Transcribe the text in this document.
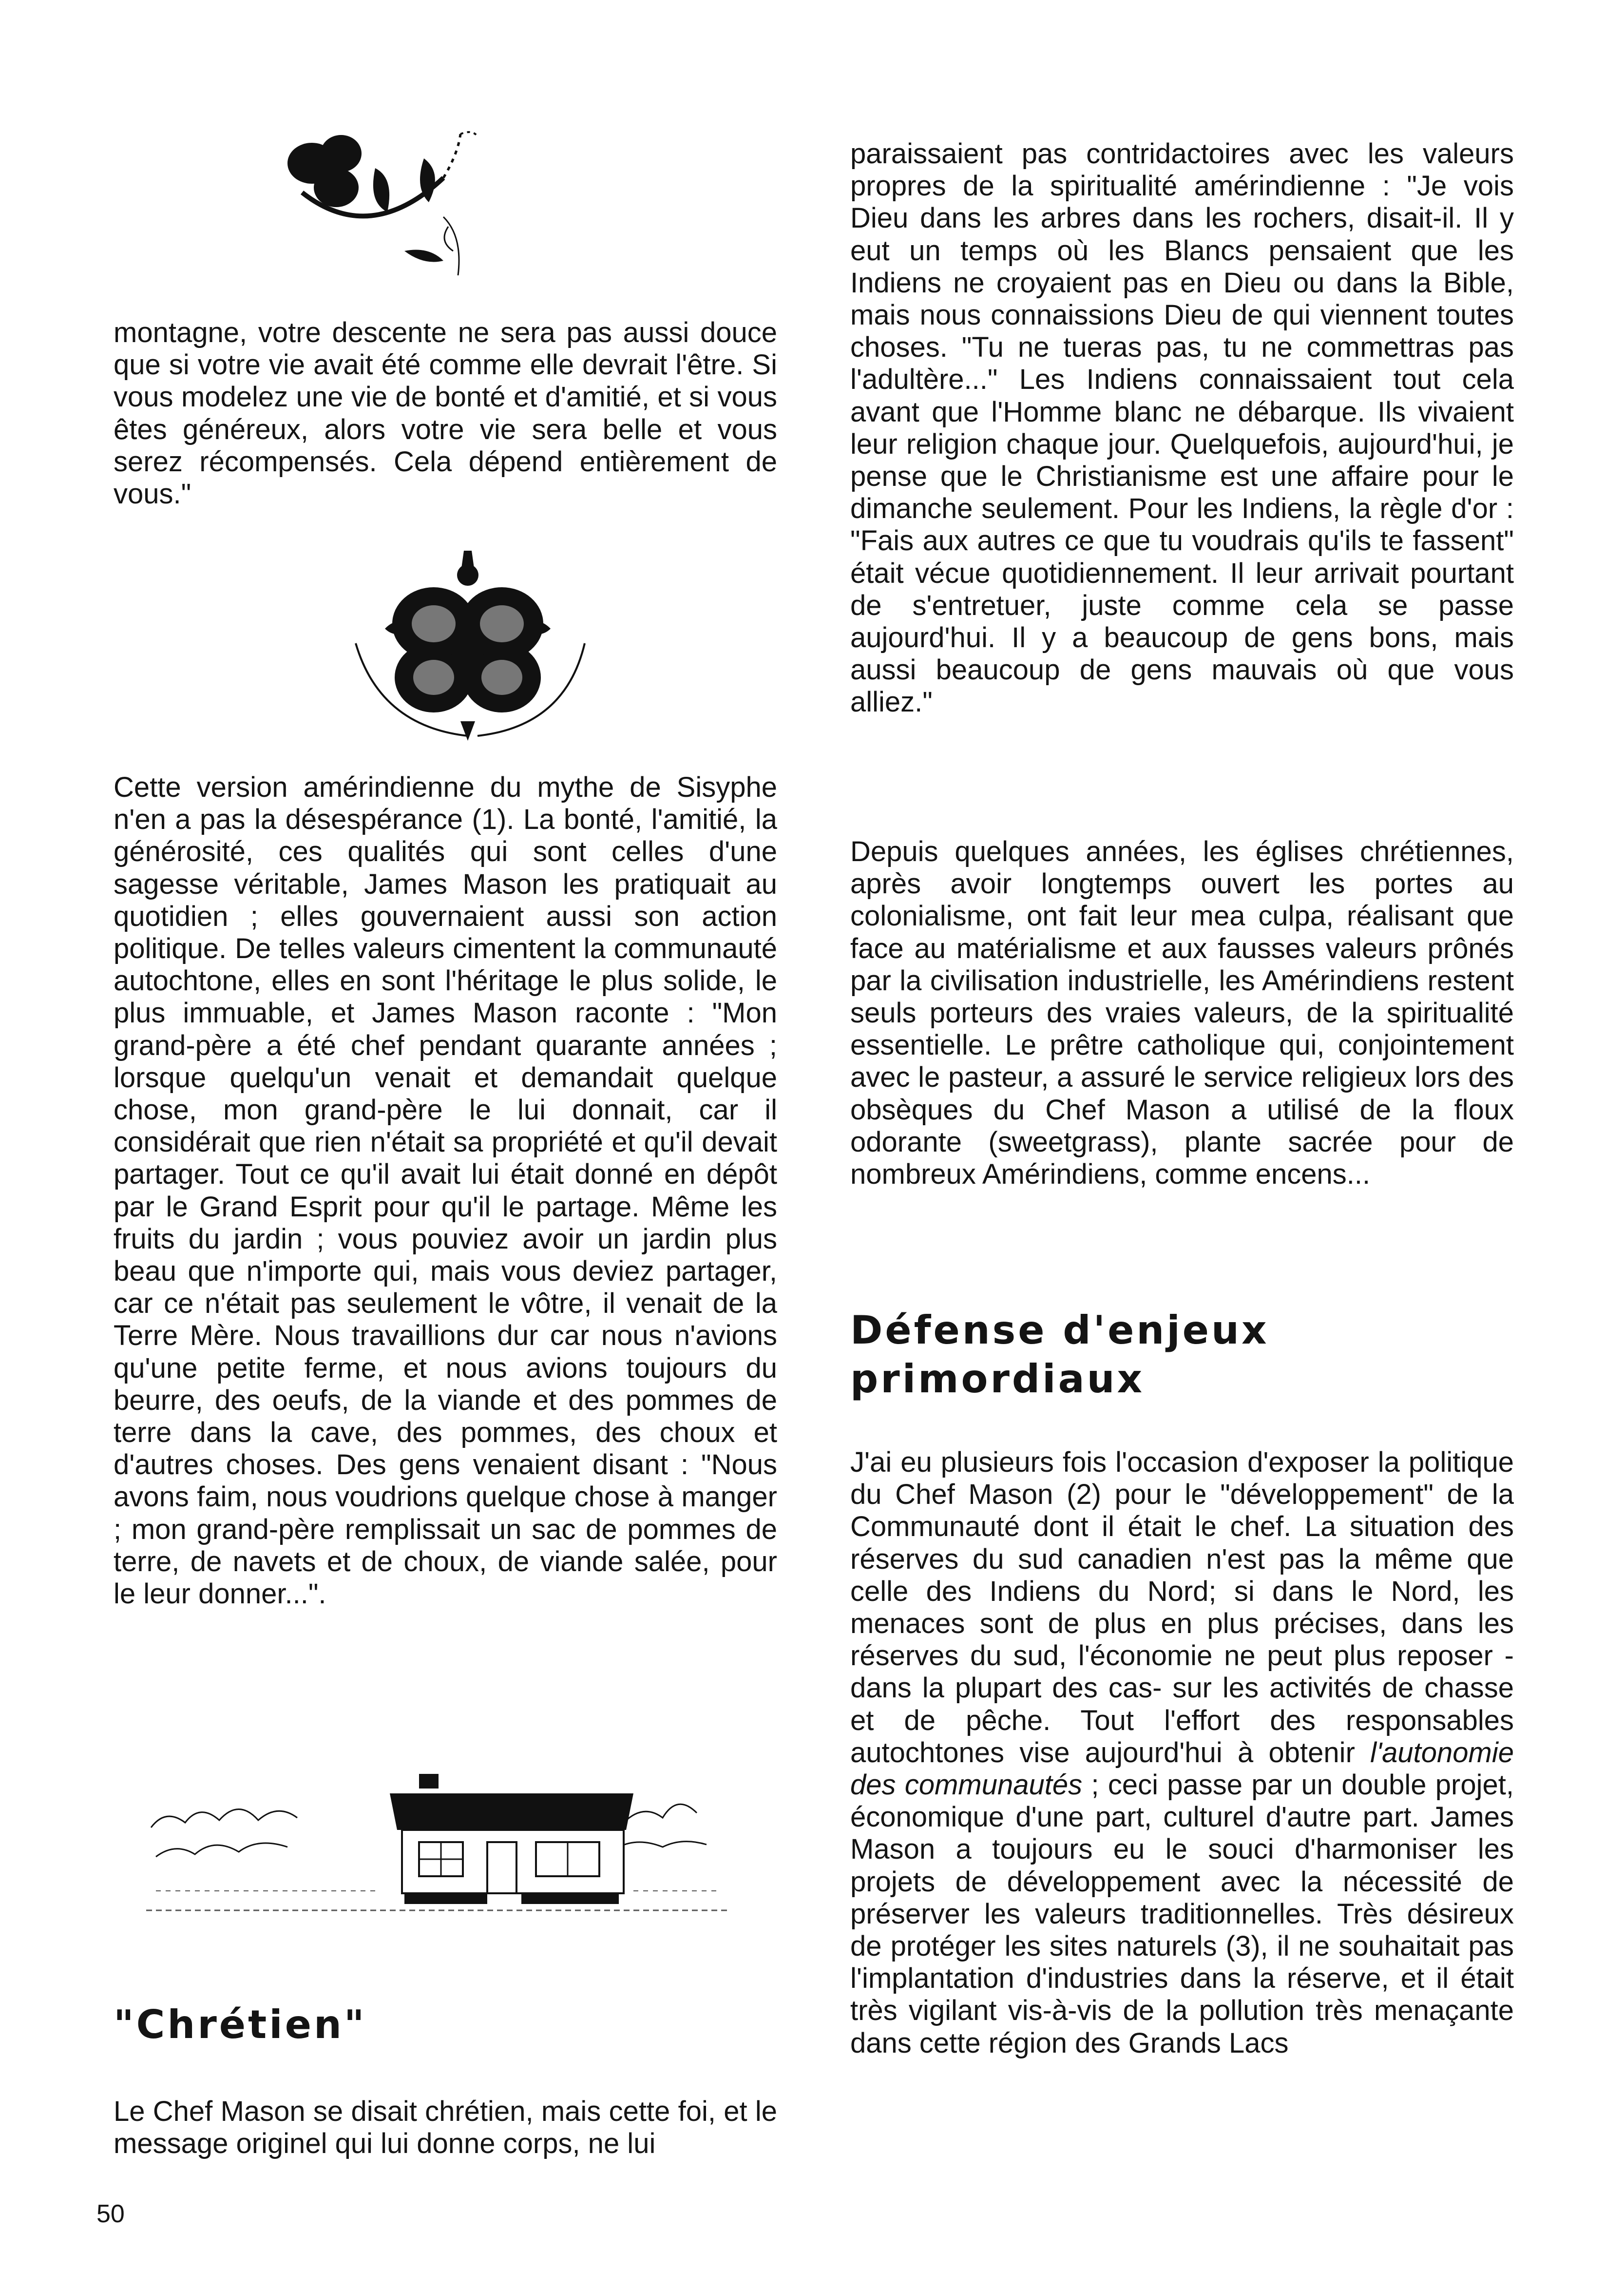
montagne, votre descente ne sera pas aussi douce que si votre vie avait été comme elle devrait l'être. Si vous modelez une vie de bonté et d'amitié, et si vous êtes généreux, alors votre vie sera belle et vous serez récompensés. Cela dépend entièrement de vous."

Cette version amérindienne du mythe de Sisyphe n'en a pas la désespérance (1). La bonté, l'amitié, la générosité, ces qualités qui sont celles d'une sagesse véritable, James Mason les pratiquait au quotidien ; elles gouvernaient aussi son action politique. De telles valeurs cimentent la communauté autochtone, elles en sont l'héritage le plus solide, le plus immuable, et James Mason raconte : "Mon grand-père a été chef pendant quarante années ; lorsque quelqu'un venait et demandait quelque chose, mon grand-père le lui donnait, car il considérait que rien n'était sa propriété et qu'il devait partager. Tout ce qu'il avait lui était donné en dépôt par le Grand Esprit pour qu'il le partage. Même les fruits du jardin ; vous pouviez avoir un jardin plus beau que n'importe qui, mais vous deviez partager, car ce n'était pas seulement le vôtre, il venait de la Terre Mère. Nous travaillions dur car nous n'avions qu'une petite ferme, et nous avions toujours du beurre, des oeufs, de la viande et des pommes de terre dans la cave, des pommes, des choux et d'autres choses. Des gens venaient disant : "Nous avons faim, nous voudrions quelque chose à manger ; mon grand-père remplissait un sac de pommes de terre, de navets et de choux, de viande salée, pour le leur donner...".

"Chrétien"

Le Chef Mason se disait chrétien, mais cette foi, et le message originel qui lui donne corps, ne lui

paraissaient pas contridactoires avec les valeurs propres de la spiritualité amérindienne : "Je vois Dieu dans les arbres dans les rochers, disait-il. Il y eut un temps où les Blancs pensaient que les Indiens ne croyaient pas en Dieu ou dans la Bible, mais nous connaissions Dieu de qui viennent toutes choses. "Tu ne tueras pas, tu ne commettras pas l'adultère..." Les Indiens connaissaient tout cela avant que l'Homme blanc ne débarque. Ils vivaient leur religion chaque jour. Quelquefois, aujourd'hui, je pense que le Christianisme est une affaire pour le dimanche seulement. Pour les Indiens, la règle d'or : "Fais aux autres ce que tu voudrais qu'ils te fassent" était vécue quotidiennement. Il leur arrivait pourtant de s'entretuer, juste comme cela se passe aujourd'hui. Il y a beaucoup de gens bons, mais aussi beaucoup de gens mauvais où que vous alliez."

Depuis quelques années, les églises chrétiennes, après avoir longtemps ouvert les portes au colonialisme, ont fait leur mea culpa, réalisant que face au matérialisme et aux fausses valeurs prônés par la civilisation industrielle, les Amérindiens restent seuls porteurs des vraies valeurs, de la spiritualité essentielle. Le prêtre catholique qui, conjointement avec le pasteur, a assuré le service religieux lors des obsèques du Chef Mason a utilisé de la floux odorante (sweetgrass), plante sacrée pour de nombreux Amérindiens, comme encens...

Défense d'enjeux
primordiaux

J'ai eu plusieurs fois l'occasion d'exposer la politique du Chef Mason (2) pour le "développement" de la Communauté dont il était le chef. La situation des réserves du sud canadien n'est pas la même que celle des Indiens du Nord; si dans le Nord, les menaces sont de plus en plus précises, dans les réserves du sud, l'économie ne peut plus reposer -dans la plupart des cas- sur les activités de chasse et de pêche. Tout l'effort des responsables autochtones vise aujourd'hui à obtenir l'autonomie des communautés ; ceci passe par un double projet, économique d'une part, culturel d'autre part. James Mason a toujours eu le souci d'harmoniser les projets de développement avec la nécessité de préserver les valeurs traditionnelles. Très désireux de protéger les sites naturels (3), il ne souhaitait pas l'implantation d'industries dans la réserve, et il était très vigilant vis-à-vis de la pollution très menaçante dans cette région des Grands Lacs

50
